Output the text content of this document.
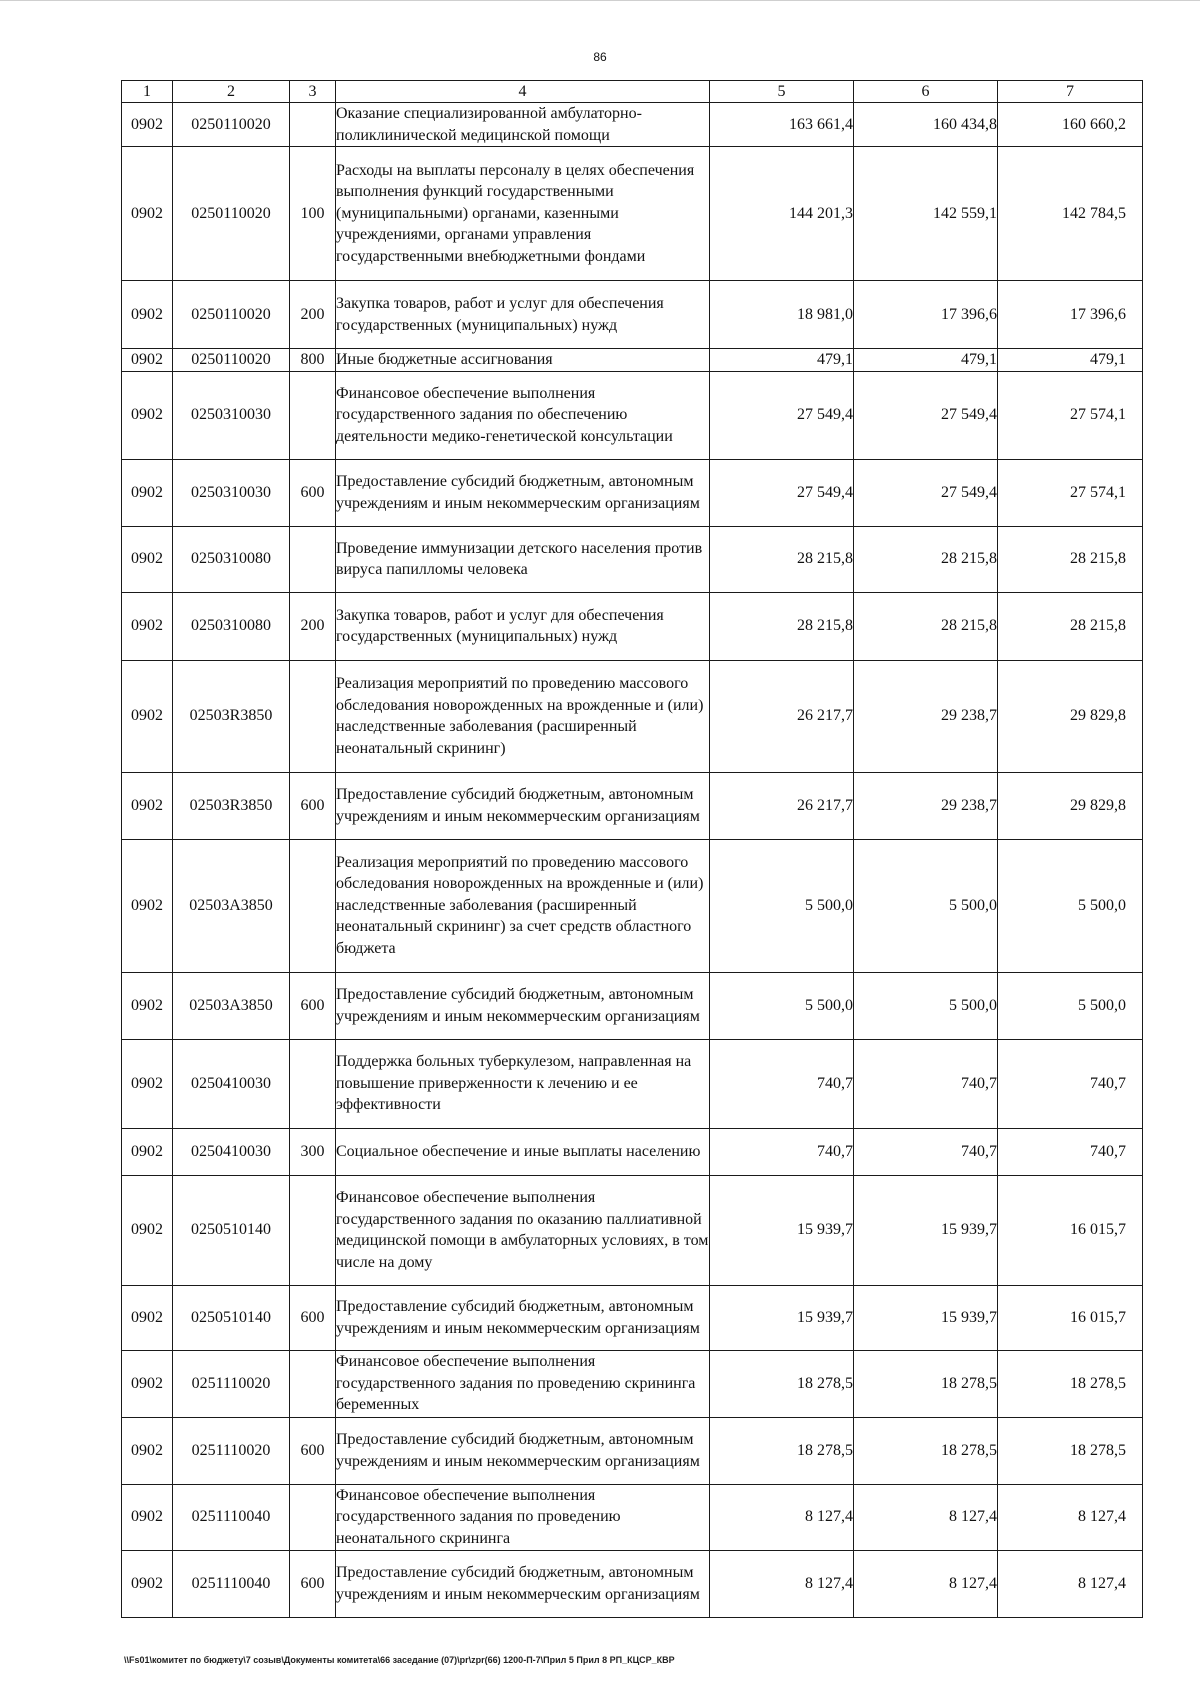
86
1	2	3	4	5	6	7
0902	0250110020		Оказание специализированной амбулаторно-поликлинической медицинской помощи	163 661,4	160 434,8	160 660,2
0902	0250110020	100	Расходы на выплаты персоналу в целях обеспечения выполнения функций государственными (муниципальными) органами, казенными учреждениями, органами управления государственными внебюджетными фондами	144 201,3	142 559,1	142 784,5
0902	0250110020	200	Закупка товаров, работ и услуг для обеспечения государственных (муниципальных) нужд	18 981,0	17 396,6	17 396,6
0902	0250110020	800	Иные бюджетные ассигнования	479,1	479,1	479,1
0902	0250310030		Финансовое обеспечение выполнения государственного задания по обеспечению деятельности медико-генетической консультации	27 549,4	27 549,4	27 574,1
0902	0250310030	600	Предоставление субсидий бюджетным, автономным учреждениям и иным некоммерческим организациям	27 549,4	27 549,4	27 574,1
0902	0250310080		Проведение иммунизации детского населения против вируса папилломы человека	28 215,8	28 215,8	28 215,8
0902	0250310080	200	Закупка товаров, работ и услуг для обеспечения государственных (муниципальных) нужд	28 215,8	28 215,8	28 215,8
0902	02503R3850		Реализация мероприятий по проведению массового обследования новорожденных на врожденные и (или) наследственные заболевания (расширенный неонатальный скрининг)	26 217,7	29 238,7	29 829,8
0902	02503R3850	600	Предоставление субсидий бюджетным, автономным учреждениям и иным некоммерческим организациям	26 217,7	29 238,7	29 829,8
0902	02503A3850		Реализация мероприятий по проведению массового обследования новорожденных на врожденные и (или) наследственные заболевания (расширенный неонатальный скрининг) за счет средств областного бюджета	5 500,0	5 500,0	5 500,0
0902	02503A3850	600	Предоставление субсидий бюджетным, автономным учреждениям и иным некоммерческим организациям	5 500,0	5 500,0	5 500,0
0902	0250410030		Поддержка больных туберкулезом, направленная на повышение приверженности к лечению и ее эффективности	740,7	740,7	740,7
0902	0250410030	300	Социальное обеспечение и иные выплаты населению	740,7	740,7	740,7
0902	0250510140		Финансовое обеспечение выполнения государственного задания по оказанию паллиативной медицинской помощи в амбулаторных условиях, в том числе на дому	15 939,7	15 939,7	16 015,7
0902	0250510140	600	Предоставление субсидий бюджетным, автономным учреждениям и иным некоммерческим организациям	15 939,7	15 939,7	16 015,7
0902	0251110020		Финансовое обеспечение выполнения государственного задания по проведению скрининга беременных	18 278,5	18 278,5	18 278,5
0902	0251110020	600	Предоставление субсидий бюджетным, автономным учреждениям и иным некоммерческим организациям	18 278,5	18 278,5	18 278,5
0902	0251110040		Финансовое обеспечение выполнения государственного задания по проведению неонатального скрининга	8 127,4	8 127,4	8 127,4
0902	0251110040	600	Предоставление субсидий бюджетным, автономным учреждениям и иным некоммерческим организациям	8 127,4	8 127,4	8 127,4
\\Fs01\комитет по бюджету\7 созыв\Документы комитета\66 заседание (07)\pr\zpr(66) 1200-П-7\Прил 5 Прил 8 РП_КЦСР_КВР
